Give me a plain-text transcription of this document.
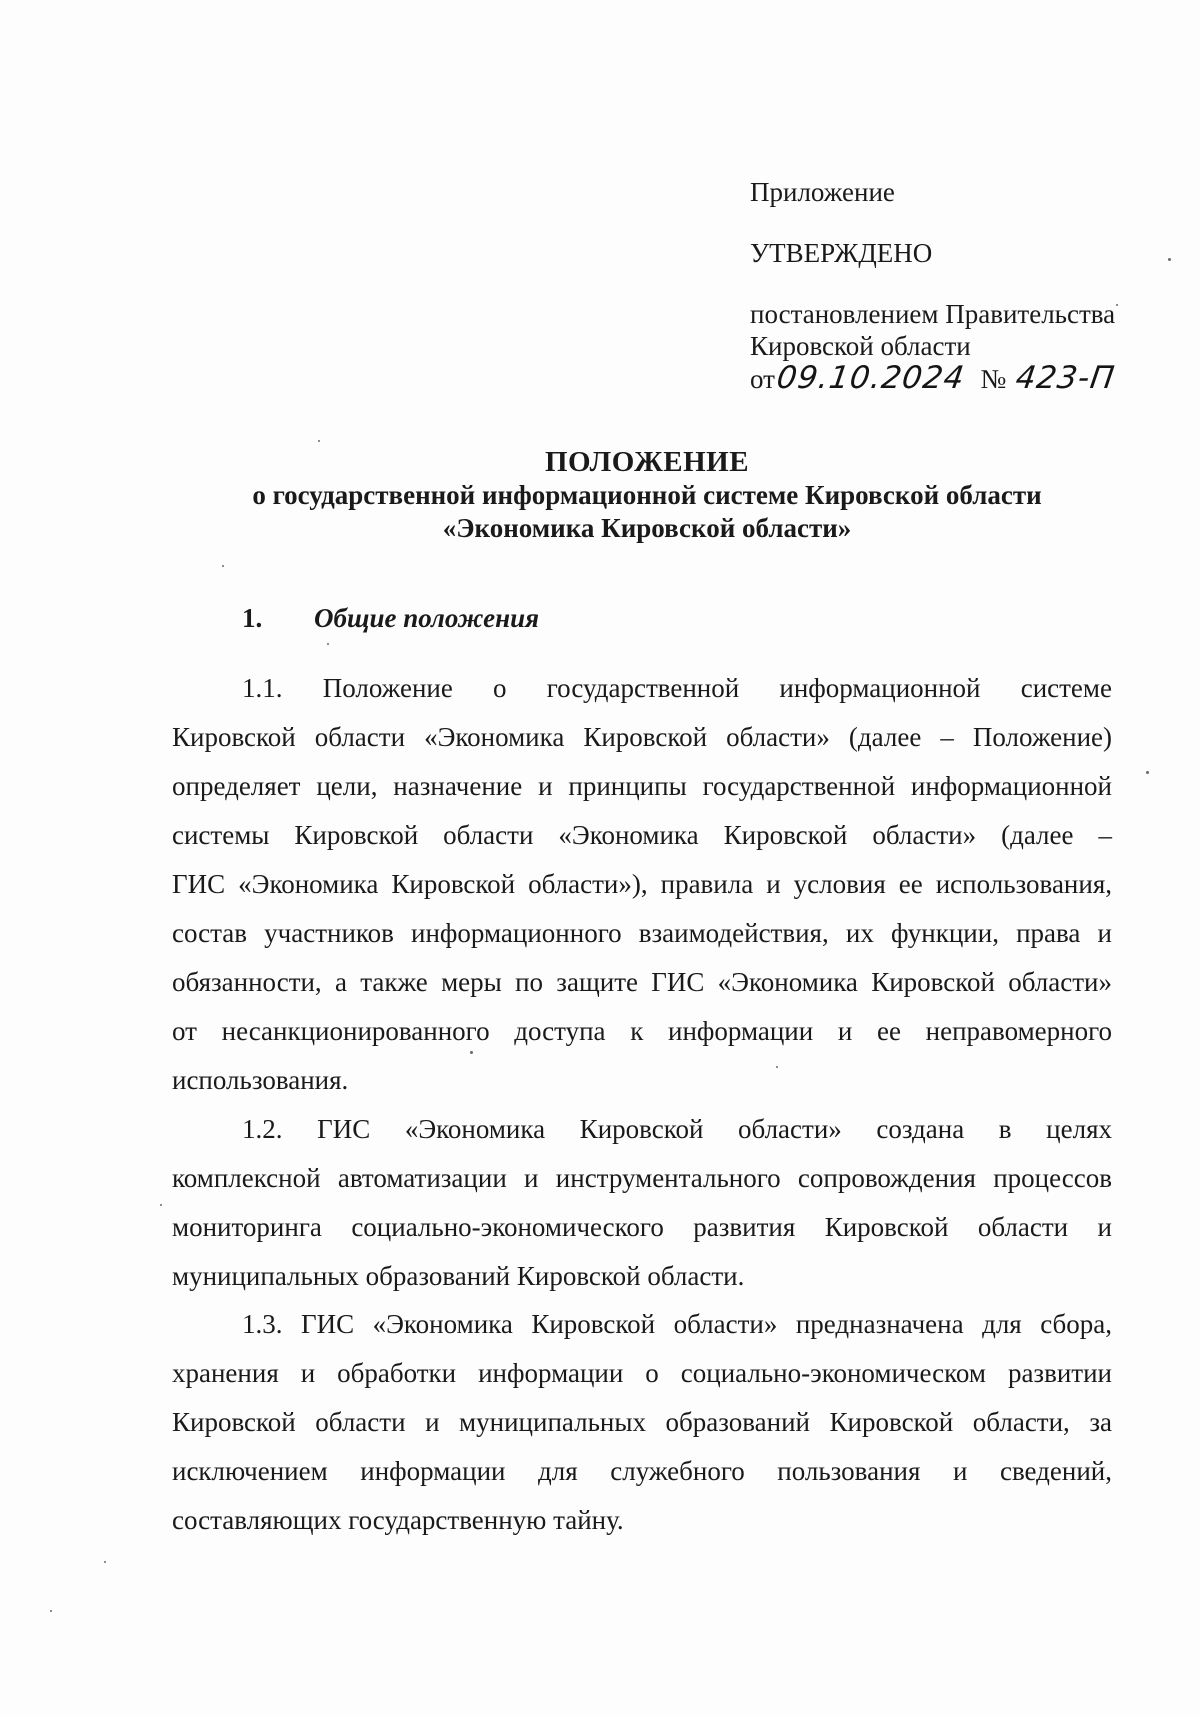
Приложение
УТВЕРЖДЕНО
постановлением Правительства
Кировской области
от09.10.2024 № 423-П
ПОЛОЖЕНИЕ
о государственной информационной системе Кировской области
«Экономика Кировской области»
1. Общие положения
1.1. Положение о государственной информационной системе
Кировской области «Экономика Кировской области» (далее – Положение)
определяет цели, назначение и принципы государственной информационной
системы Кировской области «Экономика Кировской области» (далее –
ГИС «Экономика Кировской области»), правила и условия ее использования,
состав участников информационного взаимодействия, их функции, права и
обязанности, а также меры по защите ГИС «Экономика Кировской области»
от несанкционированного доступа к информации и ее неправомерного
использования.
1.2. ГИС «Экономика Кировской области» создана в целях
комплексной автоматизации и инструментального сопровождения процессов
мониторинга социально-экономического развития Кировской области и
муниципальных образований Кировской области.
1.3. ГИС «Экономика Кировской области» предназначена для сбора,
хранения и обработки информации о социально-экономическом развитии
Кировской области и муниципальных образований Кировской области, за
исключением информации для служебного пользования и сведений,
составляющих государственную тайну.
